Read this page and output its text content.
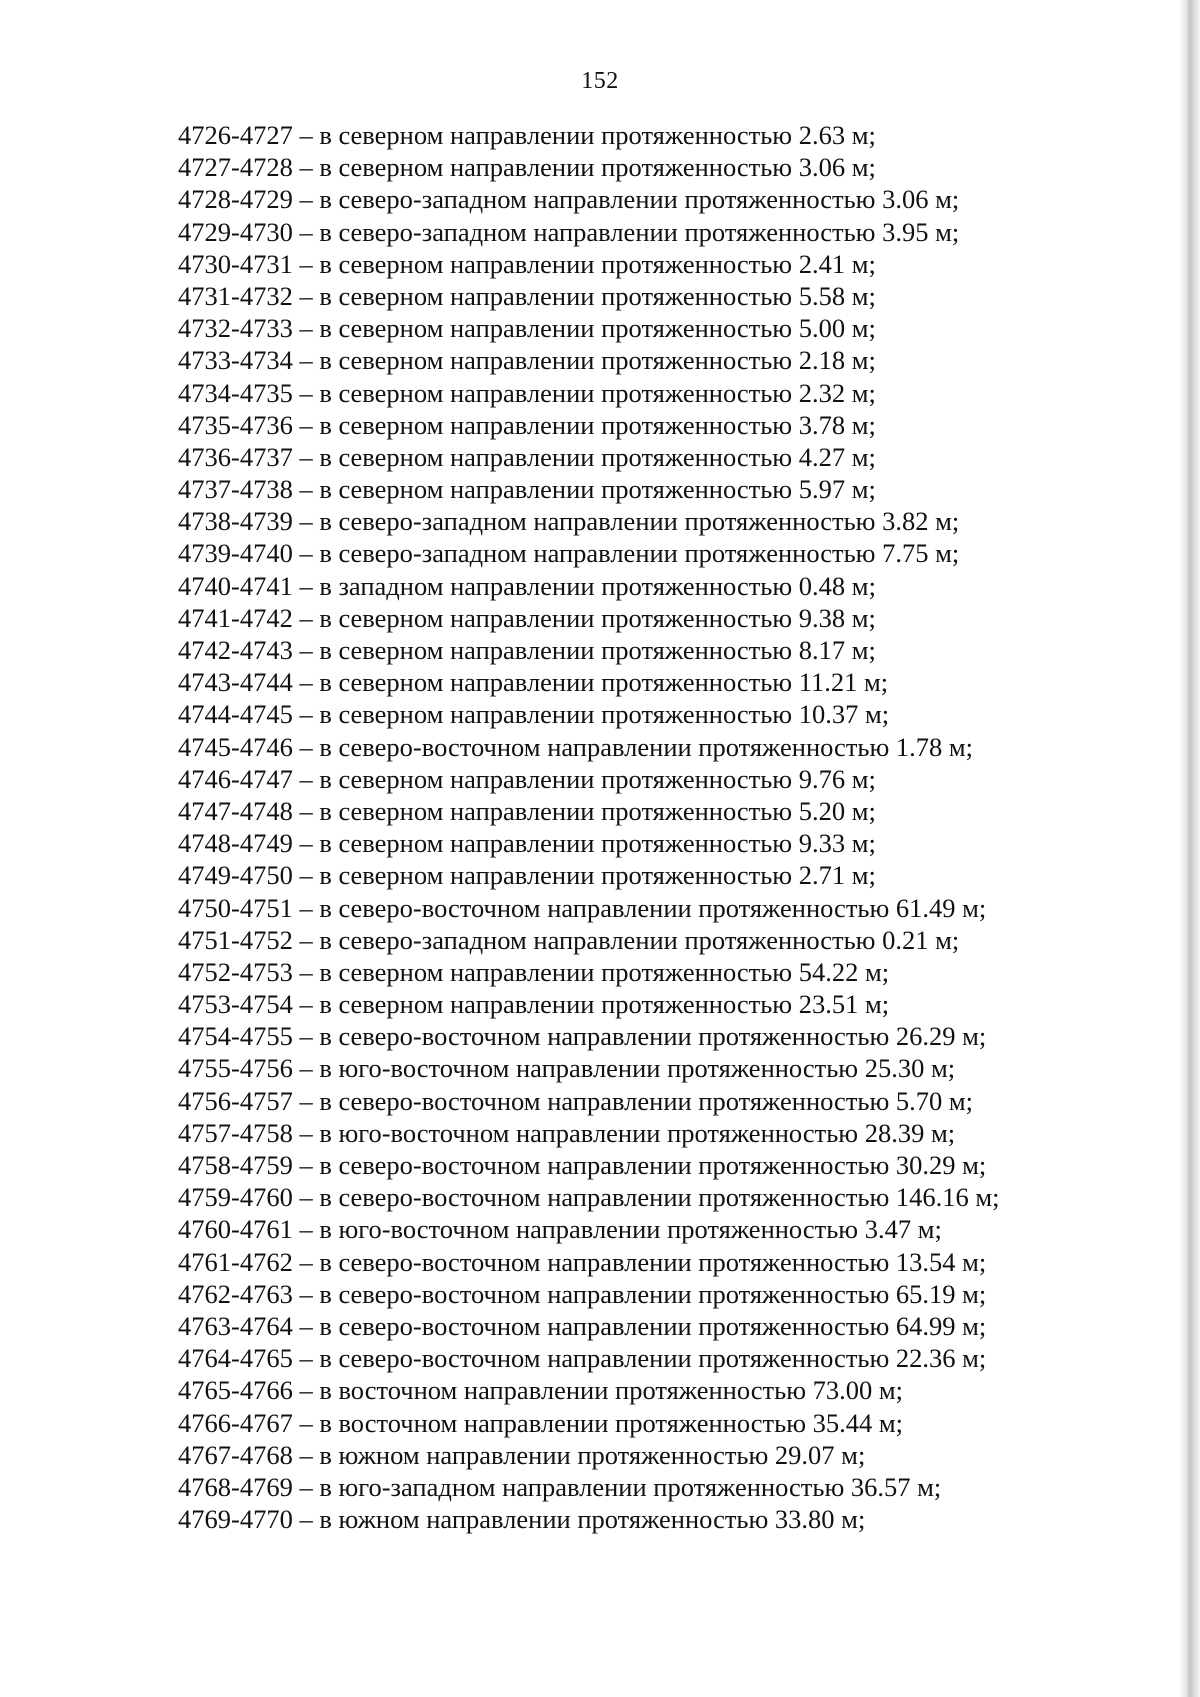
152
4726-4727 – в северном направлении протяженностью 2.63 м;
4727-4728 – в северном направлении протяженностью 3.06 м;
4728-4729 – в северо-западном направлении протяженностью 3.06 м;
4729-4730 – в северо-западном направлении протяженностью 3.95 м;
4730-4731 – в северном направлении протяженностью 2.41 м;
4731-4732 – в северном направлении протяженностью 5.58 м;
4732-4733 – в северном направлении протяженностью 5.00 м;
4733-4734 – в северном направлении протяженностью 2.18 м;
4734-4735 – в северном направлении протяженностью 2.32 м;
4735-4736 – в северном направлении протяженностью 3.78 м;
4736-4737 – в северном направлении протяженностью 4.27 м;
4737-4738 – в северном направлении протяженностью 5.97 м;
4738-4739 – в северо-западном направлении протяженностью 3.82 м;
4739-4740 – в северо-западном направлении протяженностью 7.75 м;
4740-4741 – в западном направлении протяженностью 0.48 м;
4741-4742 – в северном направлении протяженностью 9.38 м;
4742-4743 – в северном направлении протяженностью 8.17 м;
4743-4744 – в северном направлении протяженностью 11.21 м;
4744-4745 – в северном направлении протяженностью 10.37 м;
4745-4746 – в северо-восточном направлении протяженностью 1.78 м;
4746-4747 – в северном направлении протяженностью 9.76 м;
4747-4748 – в северном направлении протяженностью 5.20 м;
4748-4749 – в северном направлении протяженностью 9.33 м;
4749-4750 – в северном направлении протяженностью 2.71 м;
4750-4751 – в северо-восточном направлении протяженностью 61.49 м;
4751-4752 – в северо-западном направлении протяженностью 0.21 м;
4752-4753 – в северном направлении протяженностью 54.22 м;
4753-4754 – в северном направлении протяженностью 23.51 м;
4754-4755 – в северо-восточном направлении протяженностью 26.29 м;
4755-4756 – в юго-восточном направлении протяженностью 25.30 м;
4756-4757 – в северо-восточном направлении протяженностью 5.70 м;
4757-4758 – в юго-восточном направлении протяженностью 28.39 м;
4758-4759 – в северо-восточном направлении протяженностью 30.29 м;
4759-4760 – в северо-восточном направлении протяженностью 146.16 м;
4760-4761 – в юго-восточном направлении протяженностью 3.47 м;
4761-4762 – в северо-восточном направлении протяженностью 13.54 м;
4762-4763 – в северо-восточном направлении протяженностью 65.19 м;
4763-4764 – в северо-восточном направлении протяженностью 64.99 м;
4764-4765 – в северо-восточном направлении протяженностью 22.36 м;
4765-4766 – в восточном направлении протяженностью 73.00 м;
4766-4767 – в восточном направлении протяженностью 35.44 м;
4767-4768 – в южном направлении протяженностью 29.07 м;
4768-4769 – в юго-западном направлении протяженностью 36.57 м;
4769-4770 – в южном направлении протяженностью 33.80 м;
